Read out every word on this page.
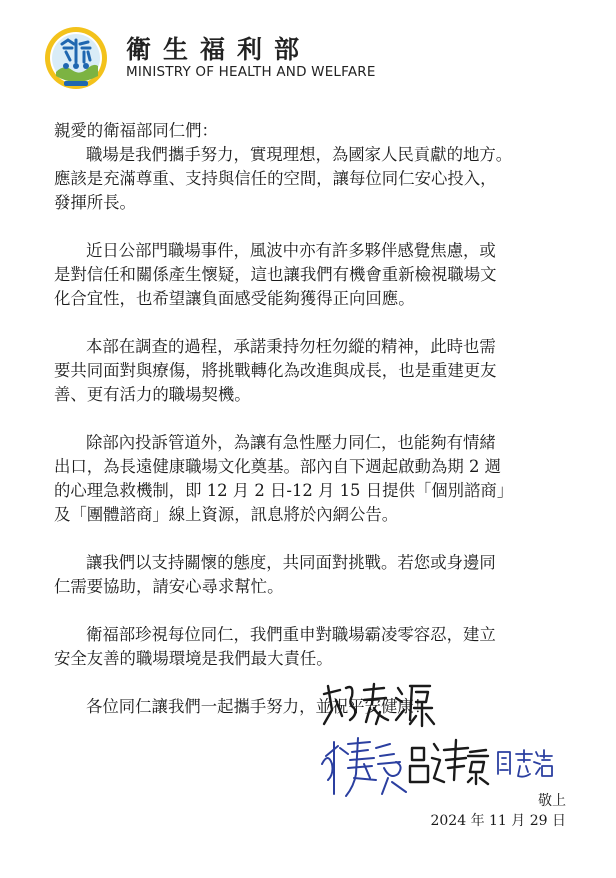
衛生福利部
MINISTRY OF HEALTH AND WELFARE

親愛的衛福部同仁們：

職場是我們攜手努力，實現理想，為國家人民貢獻的地方。

應該是充滿尊重、支持與信任的空間，讓每位同仁安心投入，

發揮所長。

近日公部門職場事件，風波中亦有許多夥伴感覺焦慮，或

是對信任和關係產生懷疑，這也讓我們有機會重新檢視職場文

化合宜性，也希望讓負面感受能夠獲得正向回應。

本部在調查的過程，承諾秉持勿枉勿縱的精神，此時也需

要共同面對與療傷，將挑戰轉化為改進與成長，也是重建更友

善、更有活力的職場契機。

除部內投訴管道外，為讓有急性壓力同仁，也能夠有情緒

出口，為長遠健康職場文化奠基。部內自下週起啟動為期 2 週

的心理急救機制，即 12 月 2 日-12 月 15 日提供「個別諮商」

及「團體諮商」線上資源，訊息將於內網公告。

讓我們以支持關懷的態度，共同面對挑戰。若您或身邊同

仁需要協助，請安心尋求幫忙。

衛福部珍視每位同仁，我們重申對職場霸凌零容忍，建立

安全友善的職場環境是我們最大責任。

各位同仁讓我們一起攜手努力，並祝平安健康！

敬上
2024 年 11 月 29 日
